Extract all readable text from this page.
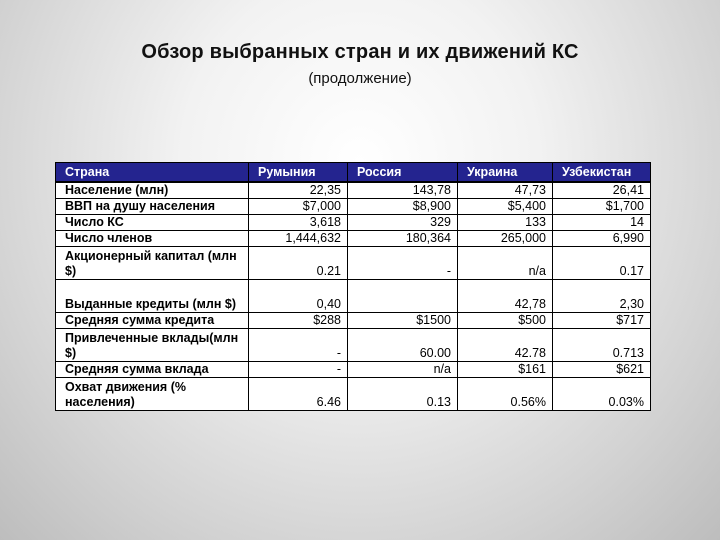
Обзор выбранных стран и их движений КС
(продолжение)
Страна	Румыния	Россия	Украина	Узбекистан
Население (млн)	22,35	143,78	47,73	26,41
ВВП на душу населения	$7,000	$8,900	$5,400	$1,700
Число КС	3,618	329	133	14
Число членов	1,444,632	180,364	265,000	6,990
Акционерный капитал (млн $)	0.21	-	n/a	0.17
Выданные кредиты (млн $)	0,40		42,78	2,30
Средняя сумма кредита	$288	$1500	$500	$717
Привлеченные вклады(млн $)	-	60.00	42.78	0.713
Средняя сумма вклада	-	n/a	$161	$621
Охват движения (% населения)	6.46	0.13	0.56%	0.03%
